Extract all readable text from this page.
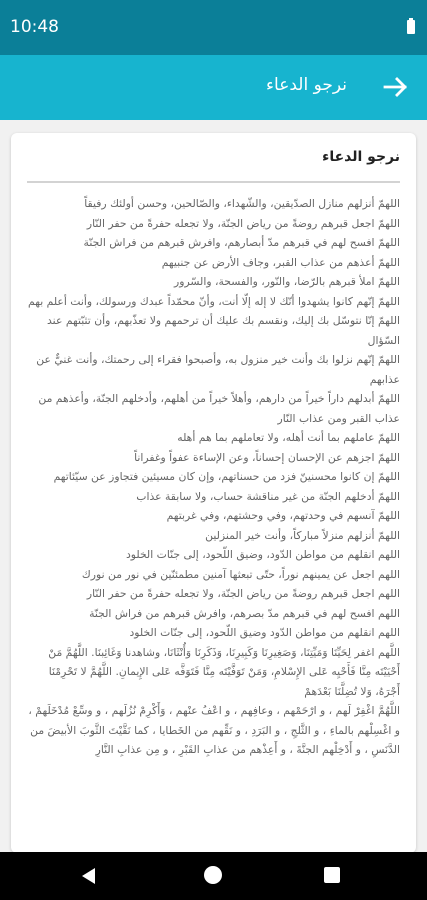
10:48
نرجو الدعاء
نرجو الدعاء

اللهمّ أنزلهم منازل الصدّيقين، والشّهداء، والصّالحين، وحسن أولئك رفيقاً

اللهمّ اجعل قبرهم روضةً من رياض الجنّة، ولا تجعله حفرةً من حفر النّار

اللهمّ افسح لهم في قبرهم مدّ أبصارهم، وافرش قبرهم من فراش الجنّة

اللهمّ أعذهم من عذاب القبر، وجاف الأرض عن جنبيهم

اللهمّ املأ قبرهم بالرّضا، والنّور، والفسحة، والسّرور

اللهمّ إنّهم كانوا يشهدوا أنّك لا إله إلّا أنت، وأنّ محمّداً عبدك ورسولك، وأنت أعلم بهم

اللهمّ إنّا نتوسّل بك إليك، ونقسم بك عليك أن ترحمهم ولا تعذّبهم، وأن تثبّتهم عند السّؤال

اللهمّ إنّهم نزلوا بك وأنت خير منزول به، وأصبحوا فقراء إلى رحمتك، وأنت غنيٌّ عن عذابهم

اللهمّ أبدلهم داراً خيراً من دارهم، وأهلاً خيراً من أهلهم، وأدخلهم الجنّة، وأعذهم من عذاب القبر ومن عذاب النّار

اللهمّ عاملهم بما أنت أهله، ولا تعاملهم بما هم أهله

اللهمّ اجزهم عن الإحسان إحساناً، وعن الإساءة عفواً وغفراناً

اللهمّ إن كانوا محسنينّ فزد من حسناتهم، وإن كان مسيئين فتجاوز عن سيّئاتهم

اللهمّ أدخلهم الجنّة من غير مناقشة حساب، ولا سابقة عذاب

اللهمّ آنسهم في وحدتهم، وفي وحشتهم، وفي غربتهم

اللهمّ أنزلهم منزلاً مباركاً، وأنت خير المنزلين

اللهم انقلهم من مواطن الدّود، وضيق اللّحود، إلى جنّات الخلود

اللهم اجعل عن يمينهم نوراً، حتّى تبعثها آمنين مطمئنّين في نور من نورك

اللهم اجعل قبرهم روضةً من رياض الجنّة، ولا تجعله حفرةً من حفر النّار

اللهم افسح لهم في قبرهم مدّ بصرهم، وافرش قبرهم من فراش الجنّة

اللهم انقلهم من مواطن الدّود وضيق اللّحود، إلى جنّات الخلود

اللَّهم اغفر لِحَيِّنَا وَمَيِّتِنَا، وَصَغِيرِنَا وَكَبِيرِنَا، وَذَكَرِنَا وَأُنْثَانَا، وشاهدنا وَغَائِبنَا. اللَّهُمَّ مَنْ أَحْيَيْتَه مِنَّا فَأَحْيِه عَلى الإِسْلامِ، وَمَنْ تَوَفَّيْتَه مِنَّا فَتَوَفَّه عَلى الإِيمانِ. اللَّهُمَّ لا تَحْرِمْنَا أَجْرَهُ، وَلا تُضِلَّنَا بَعْدَهمْ

اللَّهُمَّ اغْفِرْ لَهم ، و ارْحَمْهم ، وعافِهم ، و اعْفُ عنْهم ، وَأَكْرِمْ نُزُلَهم ، و وسِّعْ مُدْخَلَهمْ ، و اغْسِلْهم بالماءِ ، و الثَّلجِ ، و البَرَدِ ، و نَقِّهم من الخَطايا ، كما نَقَّيْتَ الثَّوبَ الأبيضَ من الدَّنَسِ ، و أَدْخِلْهم الجنَّةَ ، و أَعِذْهم من عذابِ القَبْرِ ، و مِن عذابِ النَّارِ
